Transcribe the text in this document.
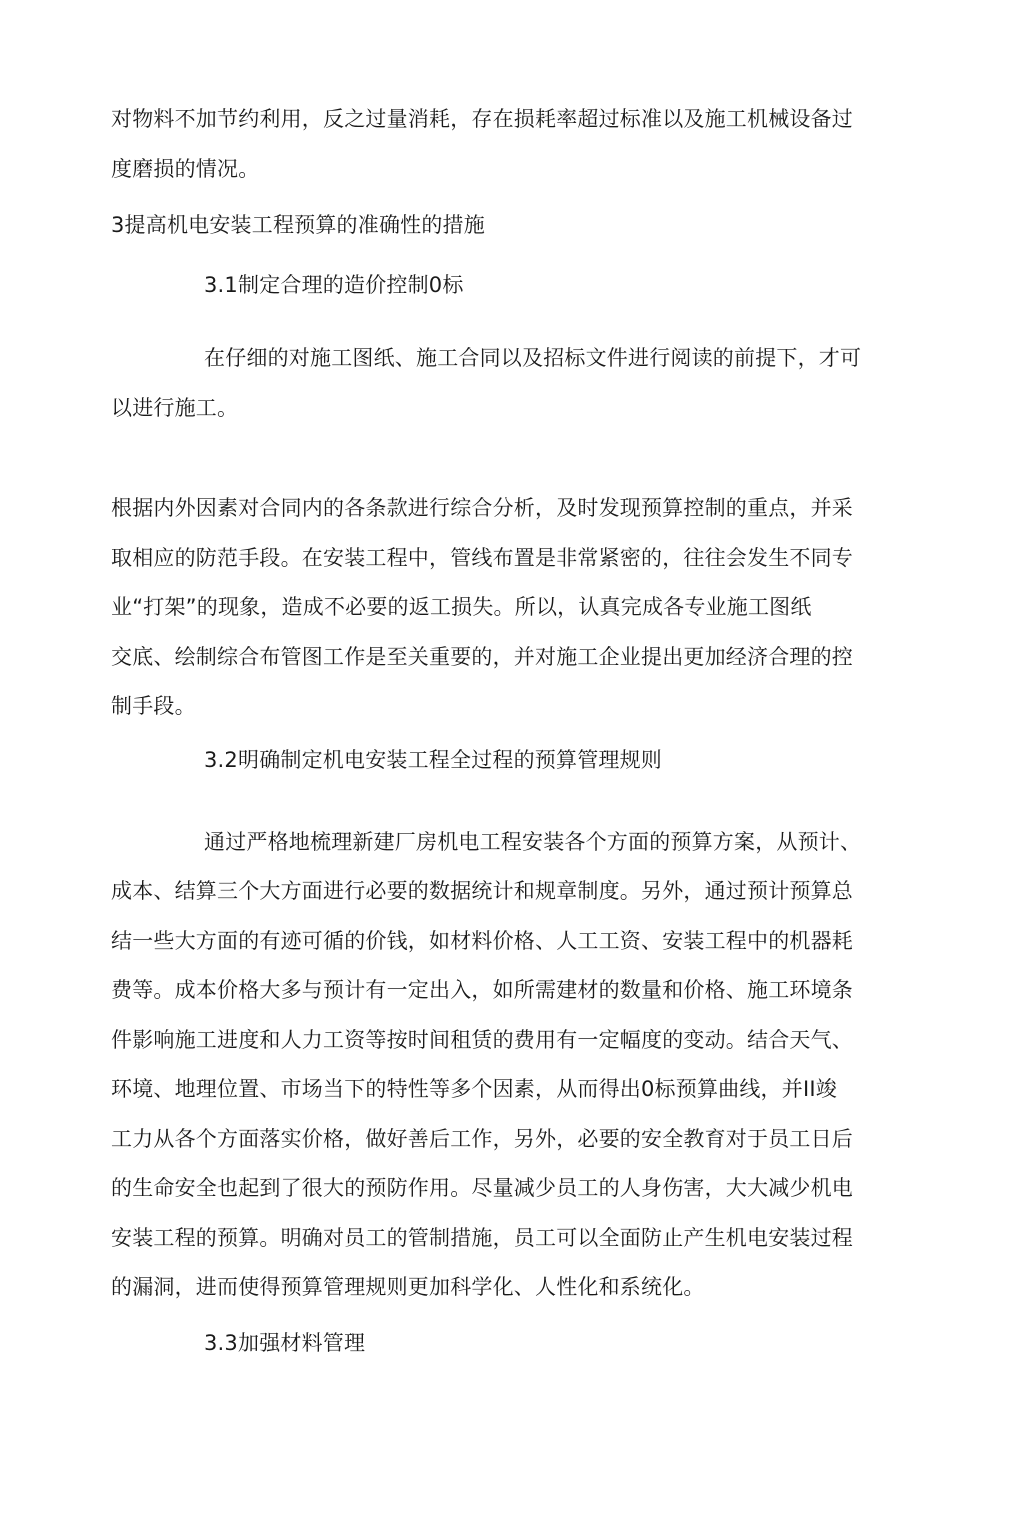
对物料不加节约利用，反之过量消耗，存在损耗率超过标准以及施工机械设备过
度磨损的情况。
3提高机电安装工程预算的准确性的措施
3.1制定合理的造价控制0标
在仔细的对施工图纸、施工合同以及招标文件进行阅读的前提下，才可
以进行施工。
根据内外因素对合同内的各条款进行综合分析，及时发现预算控制的重点，并采
取相应的防范手段。在安装工程中，管线布置是非常紧密的，往往会发生不同专
业“打架”的现象，造成不必要的返工损失。所以，认真完成各专业施工图纸
交底、绘制综合布管图工作是至关重要的，并对施工企业提出更加经济合理的控
制手段。
3.2明确制定机电安装工程全过程的预算管理规则
通过严格地梳理新建厂房机电工程安装各个方面的预算方案，从预计、
成本、结算三个大方面进行必要的数据统计和规章制度。另外，通过预计预算总
结一些大方面的有迹可循的价钱，如材料价格、人工工资、安装工程中的机器耗
费等。成本价格大多与预计有一定出入，如所需建材的数量和价格、施工环境条
件影响施工进度和人力工资等按时间租赁的费用有一定幅度的变动。结合天气、
环境、地理位置、市场当下的特性等多个因素，从而得出0标预算曲线，并II竣
工力从各个方面落实价格，做好善后工作，另外，必要的安全教育对于员工日后
的生命安全也起到了很大的预防作用。尽量减少员工的人身伤害，大大减少机电
安装工程的预算。明确对员工的管制措施，员工可以全面防止产生机电安装过程
的漏洞，进而使得预算管理规则更加科学化、人性化和系统化。
3.3加强材料管理
